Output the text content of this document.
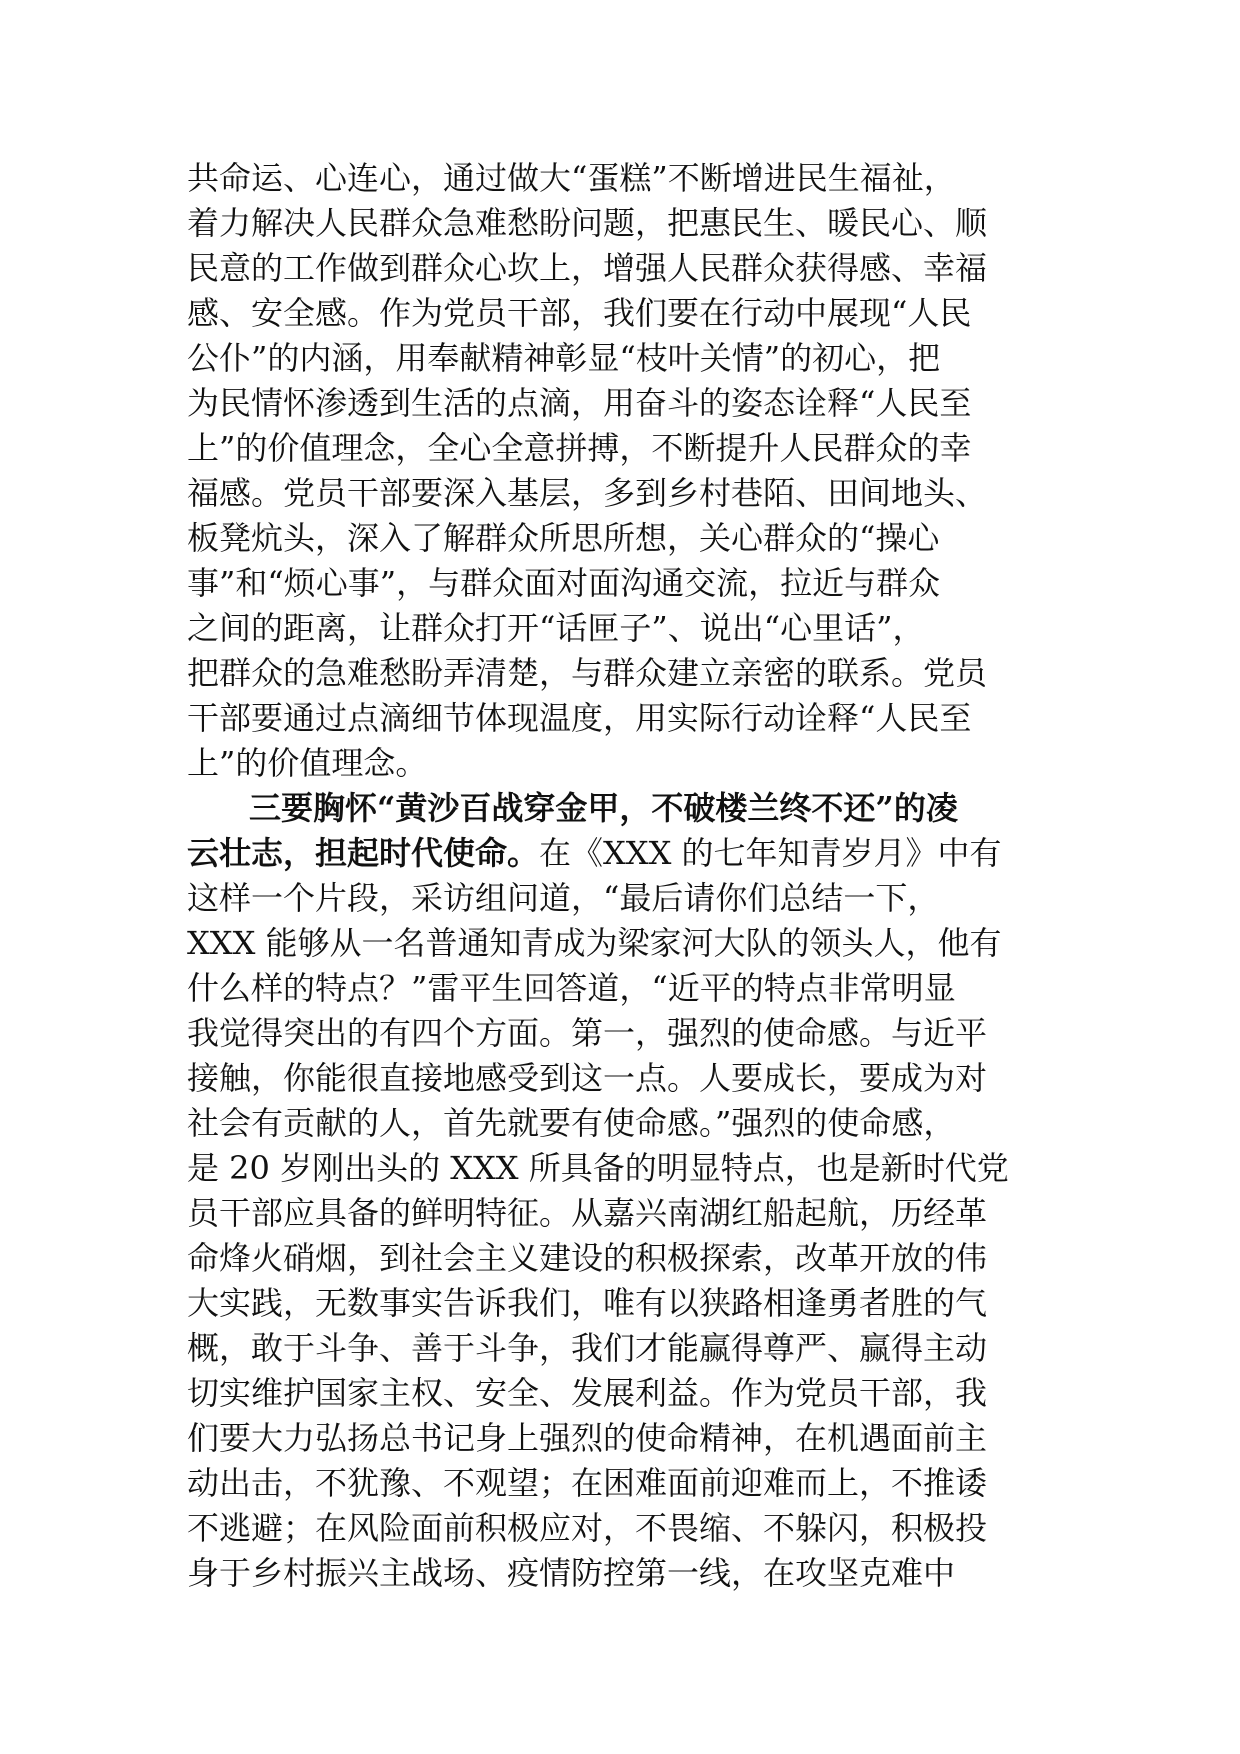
共命运、心连心，通过做大“蛋糕”不断增进民生福祉，
着力解决人民群众急难愁盼问题，把惠民生、暖民心、顺
民意的工作做到群众心坎上，增强人民群众获得感、幸福
感、安全感。作为党员干部，我们要在行动中展现“人民
公仆”的内涵，用奉献精神彰显“枝叶关情”的初心，把
为民情怀渗透到生活的点滴，用奋斗的姿态诠释“人民至
上”的价值理念，全心全意拼搏，不断提升人民群众的幸
福感。党员干部要深入基层，多到乡村巷陌、田间地头、
板凳炕头，深入了解群众所思所想，关心群众的“操心
事”和“烦心事”，与群众面对面沟通交流，拉近与群众
之间的距离，让群众打开“话匣子”、说出“心里话”，
把群众的急难愁盼弄清楚，与群众建立亲密的联系。党员
干部要通过点滴细节体现温度，用实际行动诠释“人民至
上”的价值理念。
三要胸怀“黄沙百战穿金甲，不破楼兰终不还”的凌
云壮志，担起时代使命。在《XXX 的七年知青岁月》中有
这样一个片段，采访组问道，“最后请你们总结一下，
XXX 能够从一名普通知青成为梁家河大队的领头人，他有
什么样的特点？”雷平生回答道，“近平的特点非常明显
我觉得突出的有四个方面。第一，强烈的使命感。与近平
接触，你能很直接地感受到这一点。人要成长，要成为对
社会有贡献的人，首先就要有使命感。”强烈的使命感，
是 20 岁刚出头的 XXX 所具备的明显特点，也是新时代党
员干部应具备的鲜明特征。从嘉兴南湖红船起航，历经革
命烽火硝烟，到社会主义建设的积极探索，改革开放的伟
大实践，无数事实告诉我们，唯有以狭路相逢勇者胜的气
概，敢于斗争、善于斗争，我们才能赢得尊严、赢得主动
切实维护国家主权、安全、发展利益。作为党员干部，我
们要大力弘扬总书记身上强烈的使命精神，在机遇面前主
动出击，不犹豫、不观望；在困难面前迎难而上，不推诿
不逃避；在风险面前积极应对，不畏缩、不躲闪，积极投
身于乡村振兴主战场、疫情防控第一线，在攻坚克难中
